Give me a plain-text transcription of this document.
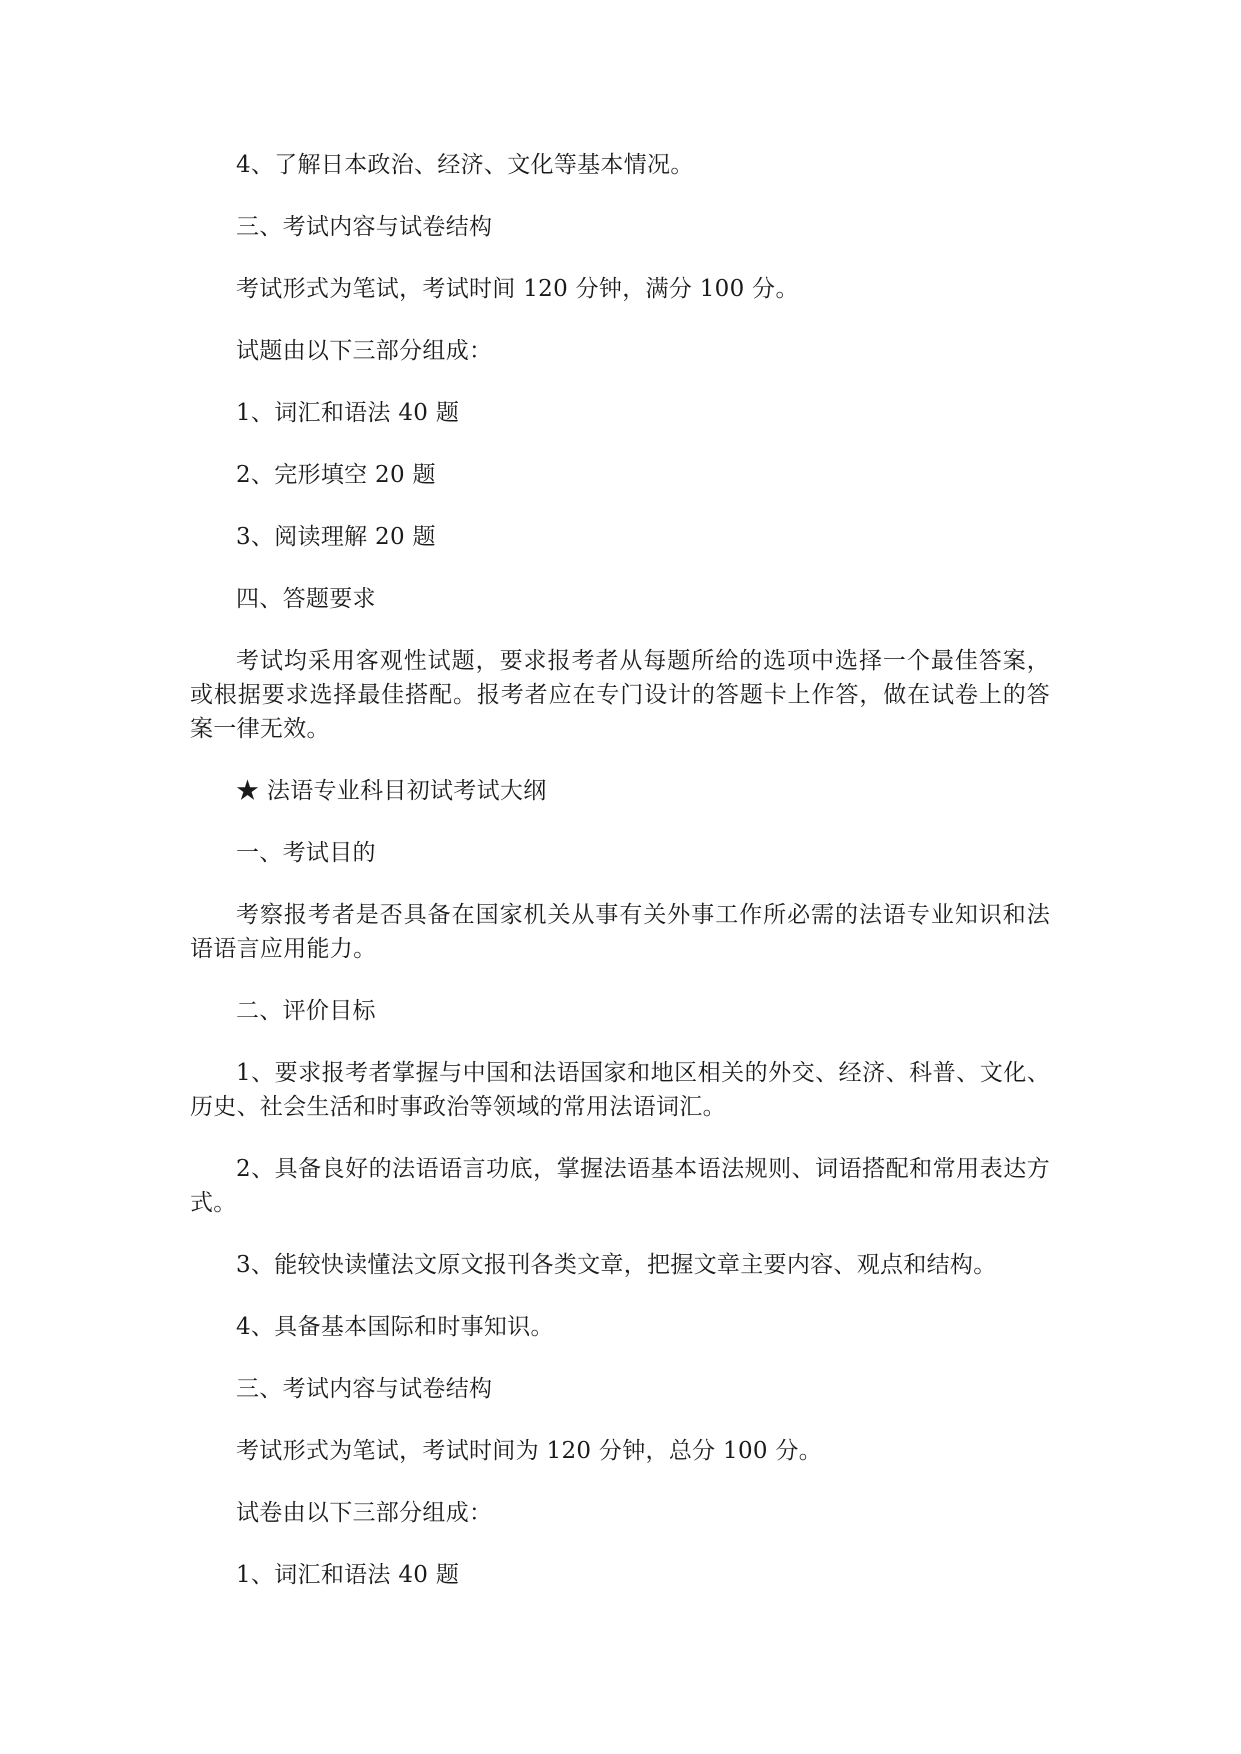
4、了解日本政治、经济、文化等基本情况。

三、考试内容与试卷结构

考试形式为笔试，考试时间 120 分钟，满分 100 分。

试题由以下三部分组成：

1、词汇和语法 40 题

2、完形填空 20 题

3、阅读理解 20 题

四、答题要求

考试均采用客观性试题，要求报考者从每题所给的选项中选择一个最佳答案，或根据要求选择最佳搭配。报考者应在专门设计的答题卡上作答，做在试卷上的答案一律无效。

★ 法语专业科目初试考试大纲

一、考试目的

考察报考者是否具备在国家机关从事有关外事工作所必需的法语专业知识和法语语言应用能力。

二、评价目标

1、要求报考者掌握与中国和法语国家和地区相关的外交、经济、科普、文化、历史、社会生活和时事政治等领域的常用法语词汇。

2、具备良好的法语语言功底，掌握法语基本语法规则、词语搭配和常用表达方式。

3、能较快读懂法文原文报刊各类文章，把握文章主要内容、观点和结构。

4、具备基本国际和时事知识。

三、考试内容与试卷结构

考试形式为笔试，考试时间为 120 分钟，总分 100 分。

试卷由以下三部分组成：

1、词汇和语法 40 题
